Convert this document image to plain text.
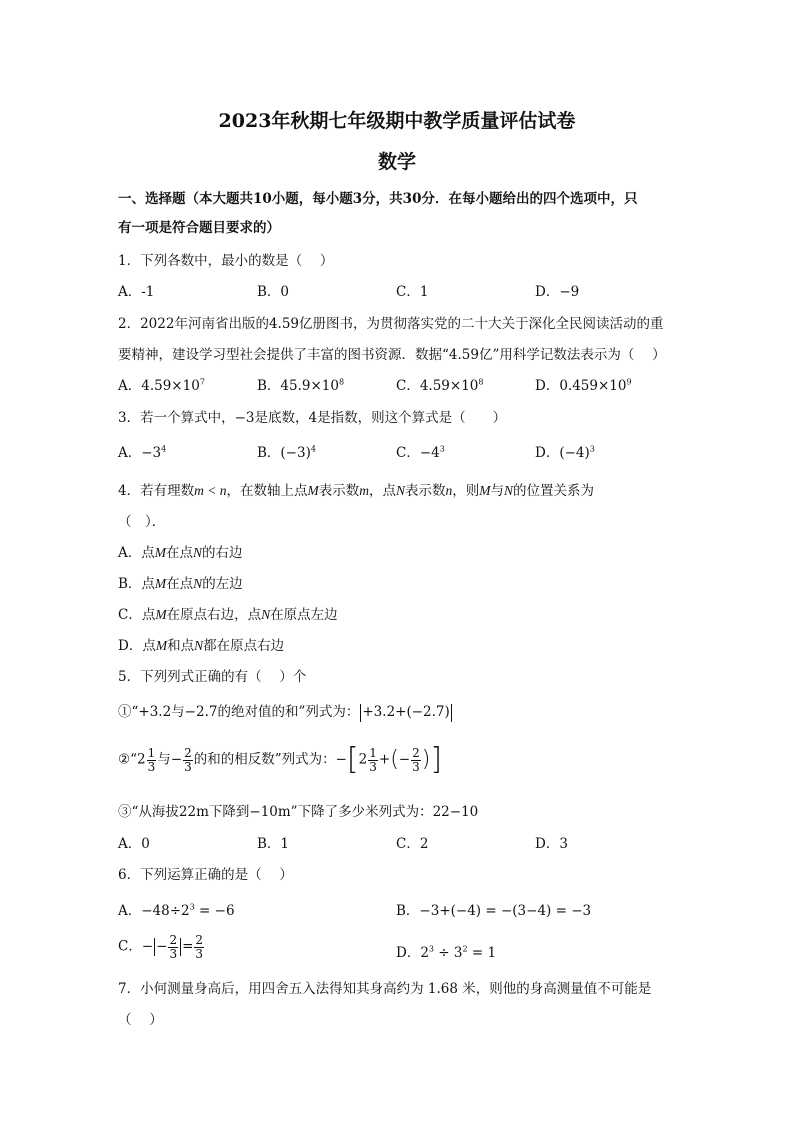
2023年秋期七年级期中教学质量评估试卷
数学
一、选择题（本大题共10小题，每小题3分，共30分．在每小题给出的四个选项中，只
有一项是符合题目要求的）
1．下列各数中，最小的数是（　 ）
A．-1	B．0	C．1	D．−9
2．2022年河南省出版的4.59亿册图书，为贯彻落实党的二十大关于深化全民阅读活动的重
要精神，建设学习型社会提供了丰富的图书资源．数据“4.59亿”用科学记数法表示为（　 ）
A．$4.59\times 10^7$	B．$45.9\times 10^8$	C．$4.59\times 10^8$	D．$0.459\times 10^9$
3．若一个算式中，−3是底数，4是指数，则这个算式是（　　）
A．$-3^4$	B．$(-3)^4$	C．$-4^3$	D．$(-4)^3$
4．若有理数m < n，在数轴上点M表示数m，点N表示数n，则M与N的位置关系为
（　）．
A．点M在点N的右边
B．点M在点N的左边
C．点M在原点右边，点N在原点左边
D．点M和点N都在原点右边
5．下列列式正确的有（　 ）个
①“+3.2与−2.7的绝对值的和”列式为： +3.2+(−2.7)
②“2 $\frac{1}{3}$ 与− $\frac{2}{3}$ 的和的相反数”列式为：$-[2 \frac{1}{3}$ +(− $\frac{2}{3}$ )]
③“从海拔22m下降到−10m”下降了多少米列式为：22−10
A．0	B．1	C．2	D．3
6．下列运算正确的是（　 ）
A．$-48\div 2^3 = -6$	B．−3+(−4) = −(3−4) = −3
C．− − $\frac{2}{3} = \frac{2}{3}$	D．$2^3 \div 3^2 = 1$
7．小何测量身高后，用四舍五入法得知其身高约为 1.68 米，则他的身高测量值不可能是
（　 ）
